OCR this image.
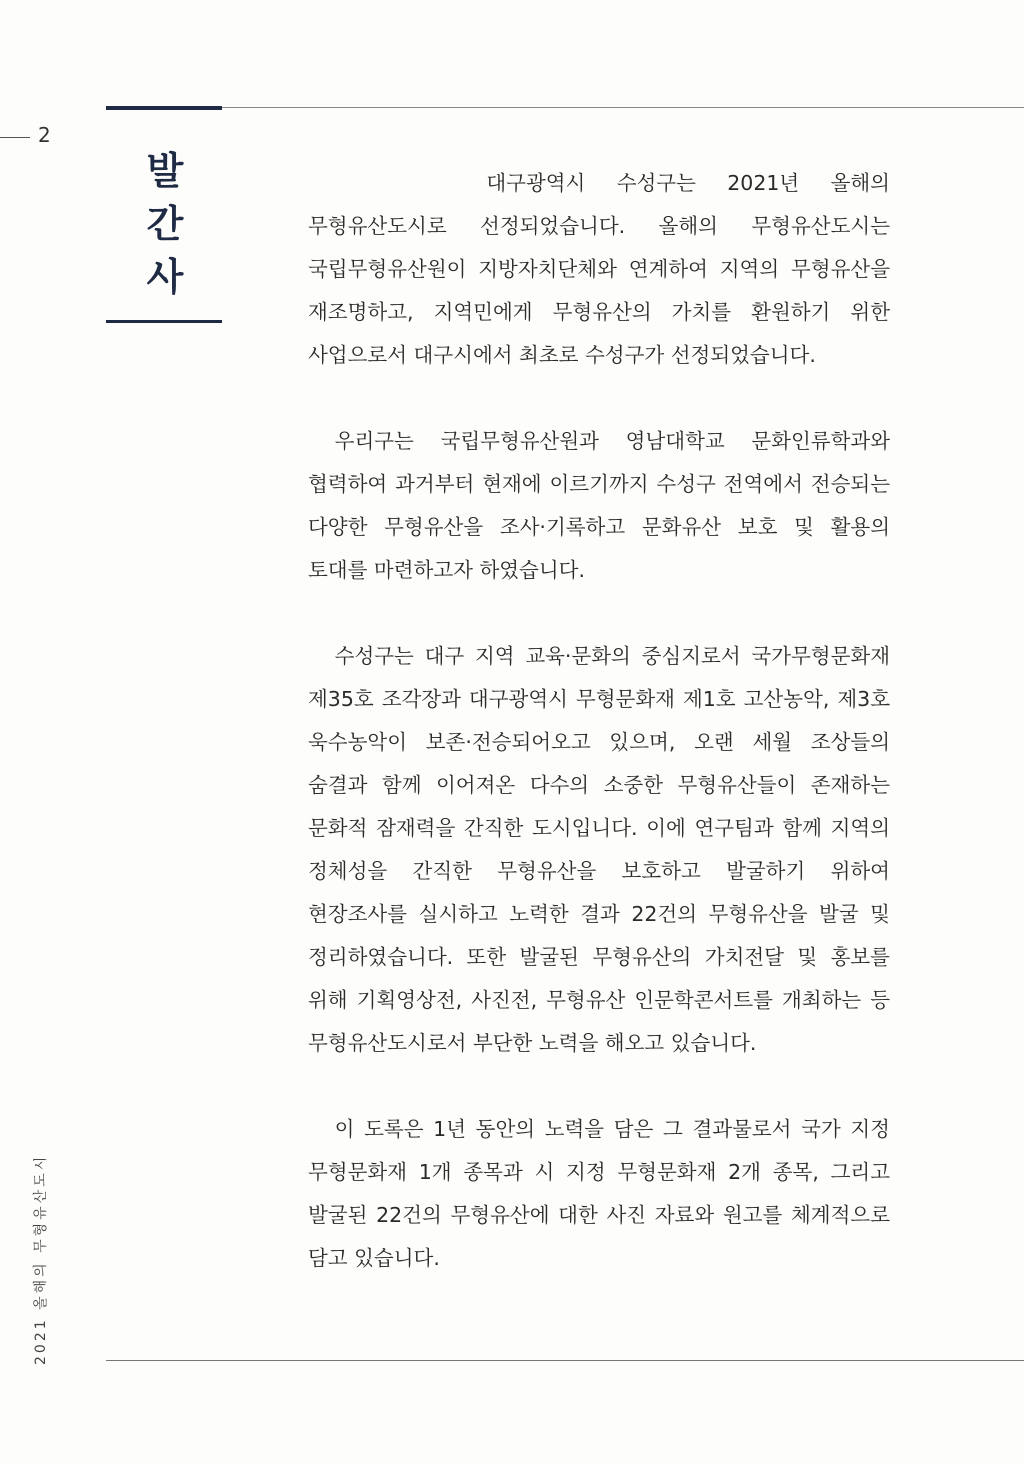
2
발
간
사

대구광역시 수성구는 2021년 올해의 무형유산도시로 선정되었습니다. 올해의 무형유산도시는 국립무형유산원이 지방자치단체와 연계하여 지역의 무형유산을 재조명하고, 지역민에게 무형유산의 가치를 환원하기 위한 사업으로서 대구시에서 최초로 수성구가 선정되었습니다.

우리구는 국립무형유산원과 영남대학교 문화인류학과와 협력하여 과거부터 현재에 이르기까지 수성구 전역에서 전승되는 다양한 무형유산을 조사·기록하고 문화유산 보호 및 활용의 토대를 마련하고자 하였습니다.

수성구는 대구 지역 교육·문화의 중심지로서 국가무형문화재 제35호 조각장과 대구광역시 무형문화재 제1호 고산농악, 제3호 욱수농악이 보존·전승되어오고 있으며, 오랜 세월 조상들의 숨결과 함께 이어져온 다수의 소중한 무형유산들이 존재하는 문화적 잠재력을 간직한 도시입니다. 이에 연구팀과 함께 지역의 정체성을 간직한 무형유산을 보호하고 발굴하기 위하여 현장조사를 실시하고 노력한 결과 22건의 무형유산을 발굴 및 정리하였습니다. 또한 발굴된 무형유산의 가치전달 및 홍보를 위해 기획영상전, 사진전, 무형유산 인문학콘서트를 개최하는 등 무형유산도시로서 부단한 노력을 해오고 있습니다.

이 도록은 1년 동안의 노력을 담은 그 결과물로서 국가 지정 무형문화재 1개 종목과 시 지정 무형문화재 2개 종목, 그리고 발굴된 22건의 무형유산에 대한 사진 자료와 원고를 체계적으로 담고 있습니다.

2021 올해의 무형유산도시
